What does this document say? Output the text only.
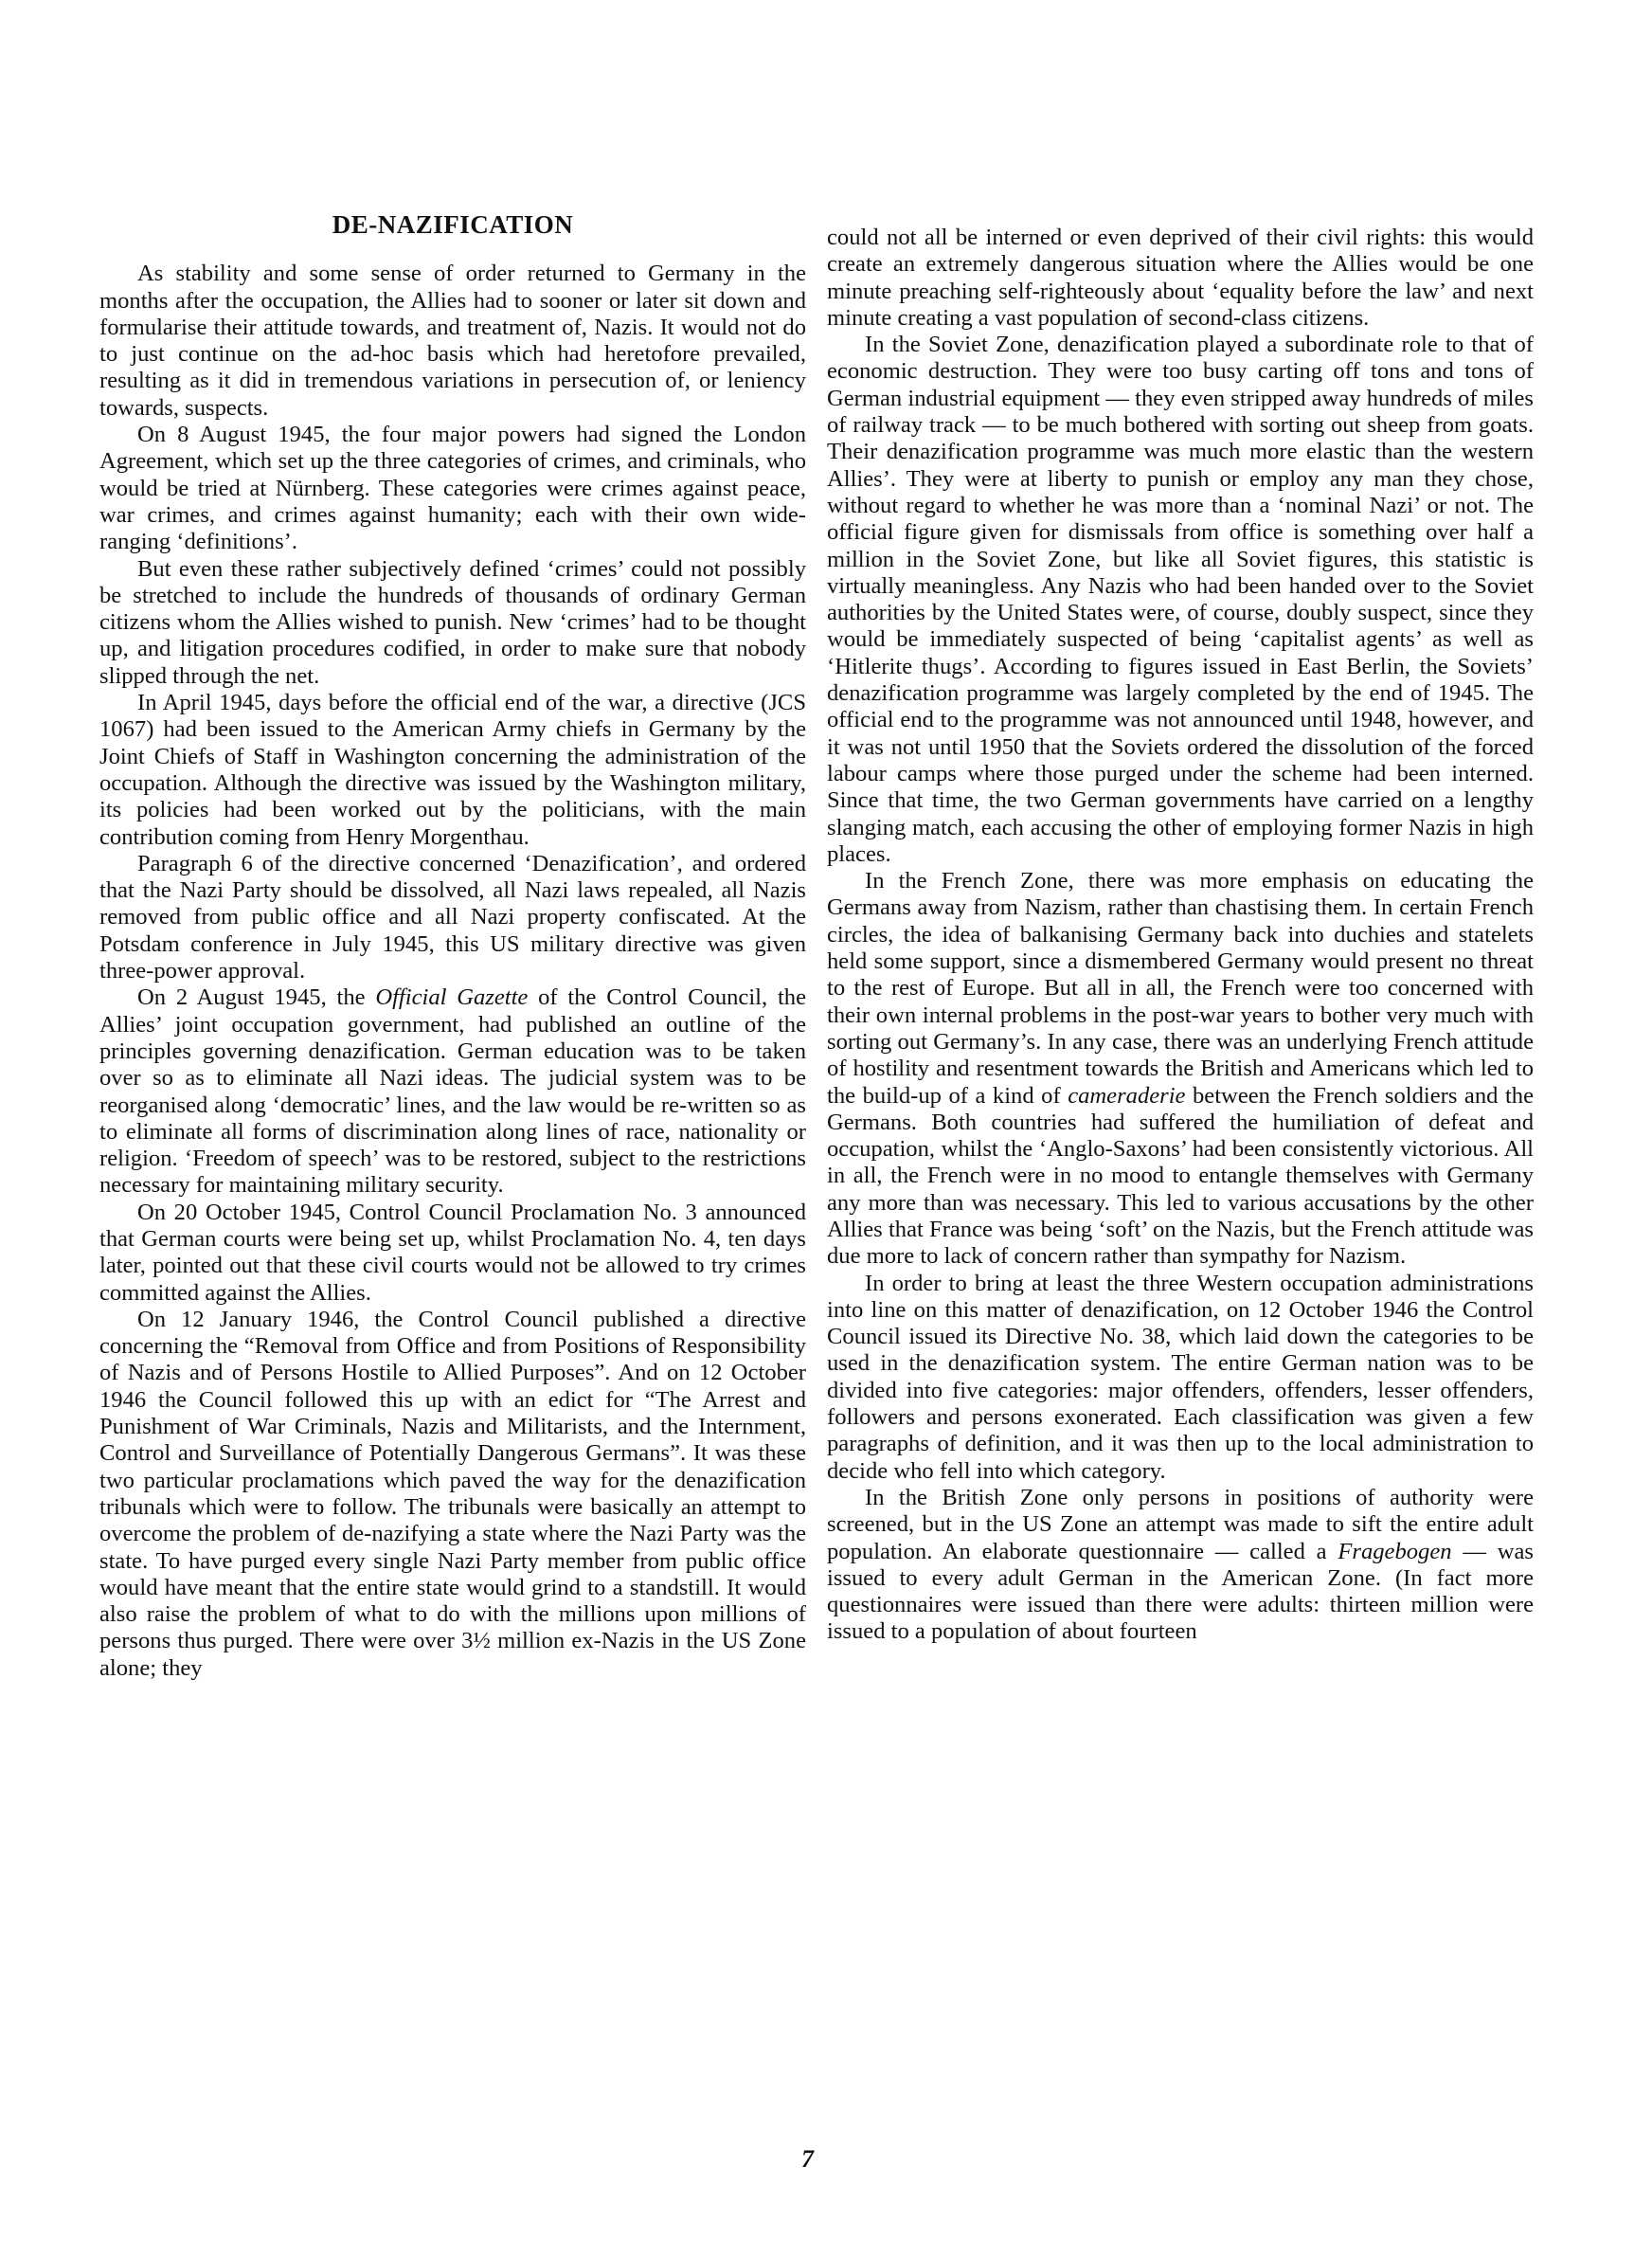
DE-NAZIFICATION

As stability and some sense of order returned to Germany in the months after the occupation, the Allies had to sooner or later sit down and formularise their attitude towards, and treatment of, Nazis. It would not do to just continue on the ad-hoc basis which had heretofore prevailed, resulting as it did in tremendous variations in persecution of, or leniency towards, suspects.

On 8 August 1945, the four major powers had signed the London Agreement, which set up the three categories of crimes, and criminals, who would be tried at Nürnberg. These categories were crimes against peace, war crimes, and crimes against humanity; each with their own wide-ranging ‘definitions’.

But even these rather subjectively defined ‘crimes’ could not possibly be stretched to include the hundreds of thousands of ordinary German citizens whom the Allies wished to punish. New ‘crimes’ had to be thought up, and litigation procedures codified, in order to make sure that nobody slipped through the net.

In April 1945, days before the official end of the war, a directive (JCS 1067) had been issued to the American Army chiefs in Germany by the Joint Chiefs of Staff in Washington concerning the administration of the occupation. Although the directive was issued by the Washington military, its policies had been worked out by the politicians, with the main contribution coming from Henry Morgenthau.

Paragraph 6 of the directive concerned ‘Denazification’, and ordered that the Nazi Party should be dissolved, all Nazi laws repealed, all Nazis removed from public office and all Nazi property confiscated. At the Potsdam conference in July 1945, this US military directive was given three-power approval.

On 2 August 1945, the Official Gazette of the Control Council, the Allies’ joint occupation government, had published an outline of the principles governing denazification. German education was to be taken over so as to eliminate all Nazi ideas. The judicial system was to be reorganised along ‘democratic’ lines, and the law would be re-written so as to eliminate all forms of discrimination along lines of race, nationality or religion. ‘Freedom of speech’ was to be restored, subject to the restrictions necessary for maintaining military security.

On 20 October 1945, Control Council Proclamation No. 3 announced that German courts were being set up, whilst Proclamation No. 4, ten days later, pointed out that these civil courts would not be allowed to try crimes committed against the Allies.

On 12 January 1946, the Control Council published a directive concerning the “Removal from Office and from Positions of Responsibility of Nazis and of Persons Hostile to Allied Purposes”. And on 12 October 1946 the Council followed this up with an edict for “The Arrest and Punishment of War Criminals, Nazis and Militarists, and the Internment, Control and Surveillance of Potentially Dangerous Germans”. It was these two particular proclamations which paved the way for the denazification tribunals which were to follow. The tribunals were basically an attempt to overcome the problem of de-nazifying a state where the Nazi Party was the state. To have purged every single Nazi Party member from public office would have meant that the entire state would grind to a standstill. It would also raise the problem of what to do with the millions upon millions of persons thus purged. There were over 3½ million ex-Nazis in the US Zone alone; they

could not all be interned or even deprived of their civil rights: this would create an extremely dangerous situation where the Allies would be one minute preaching self-righteously about ‘equality before the law’ and next minute creating a vast population of second-class citizens.

In the Soviet Zone, denazification played a subordinate role to that of economic destruction. They were too busy carting off tons and tons of German industrial equipment — they even stripped away hundreds of miles of railway track — to be much bothered with sorting out sheep from goats. Their denazification programme was much more elastic than the western Allies’. They were at liberty to punish or employ any man they chose, without regard to whether he was more than a ‘nominal Nazi’ or not. The official figure given for dismissals from office is something over half a million in the Soviet Zone, but like all Soviet figures, this statistic is virtually meaningless. Any Nazis who had been handed over to the Soviet authorities by the United States were, of course, doubly suspect, since they would be immediately suspected of being ‘capitalist agents’ as well as ‘Hitlerite thugs’. According to figures issued in East Berlin, the Soviets’ denazification programme was largely completed by the end of 1945. The official end to the programme was not announced until 1948, however, and it was not until 1950 that the Soviets ordered the dissolution of the forced labour camps where those purged under the scheme had been interned. Since that time, the two German governments have carried on a lengthy slanging match, each accusing the other of employing former Nazis in high places.

In the French Zone, there was more emphasis on educating the Germans away from Nazism, rather than chastising them. In certain French circles, the idea of balkanising Germany back into duchies and statelets held some support, since a dismembered Germany would present no threat to the rest of Europe. But all in all, the French were too concerned with their own internal problems in the post-war years to bother very much with sorting out Germany’s. In any case, there was an underlying French attitude of hostility and resentment towards the British and Americans which led to the build-up of a kind of cameraderie between the French soldiers and the Germans. Both countries had suffered the humiliation of defeat and occupation, whilst the ‘Anglo-Saxons’ had been consistently victorious. All in all, the French were in no mood to entangle themselves with Germany any more than was necessary. This led to various accusations by the other Allies that France was being ‘soft’ on the Nazis, but the French attitude was due more to lack of concern rather than sympathy for Nazism.

In order to bring at least the three Western occupation administrations into line on this matter of denazification, on 12 October 1946 the Control Council issued its Directive No. 38, which laid down the categories to be used in the denazification system. The entire German nation was to be divided into five categories: major offenders, offenders, lesser offenders, followers and persons exonerated. Each classification was given a few paragraphs of definition, and it was then up to the local administration to decide who fell into which category.

In the British Zone only persons in positions of authority were screened, but in the US Zone an attempt was made to sift the entire adult population. An elaborate questionnaire — called a Fragebogen — was issued to every adult German in the American Zone. (In fact more questionnaires were issued than there were adults: thirteen million were issued to a population of about fourteen

7
